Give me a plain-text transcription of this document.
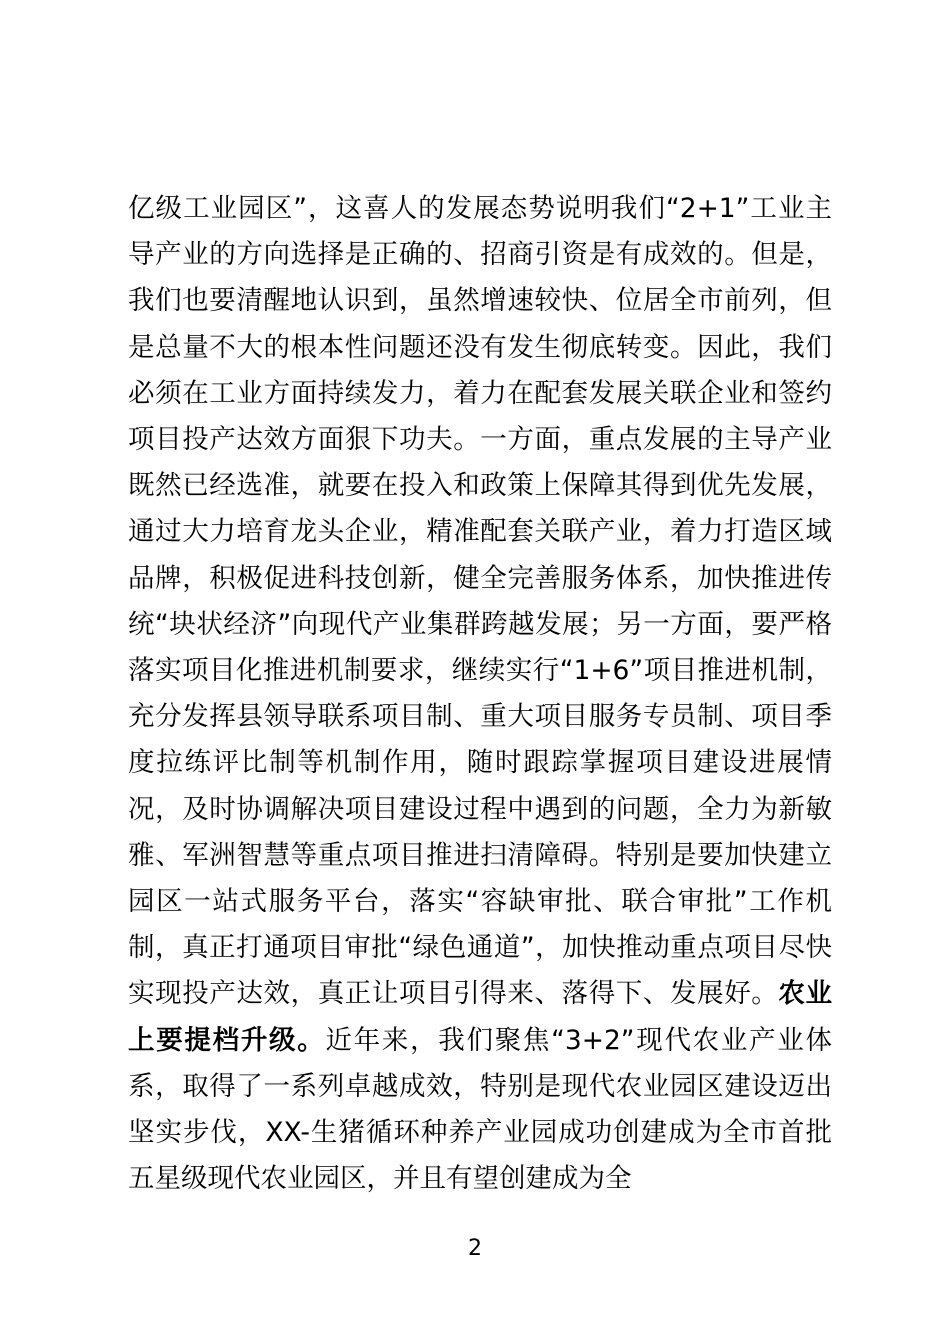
亿级工业园区”，这喜人的发展态势说明我们“2+1”工业主导产业的方向选择是正确的、招商引资是有成效的。但是，我们也要清醒地认识到，虽然增速较快、位居全市前列，但是总量不大的根本性问题还没有发生彻底转变。因此，我们必须在工业方面持续发力，着力在配套发展关联企业和签约项目投产达效方面狠下功夫。一方面，重点发展的主导产业既然已经选准，就要在投入和政策上保障其得到优先发展，通过大力培育龙头企业，精准配套关联产业，着力打造区域品牌，积极促进科技创新，健全完善服务体系，加快推进传统“块状经济”向现代产业集群跨越发展；另一方面，要严格落实项目化推进机制要求，继续实行“1+6”项目推进机制，充分发挥县领导联系项目制、重大项目服务专员制、项目季度拉练评比制等机制作用，随时跟踪掌握项目建设进展情况，及时协调解决项目建设过程中遇到的问题，全力为新敏雅、军洲智慧等重点项目推进扫清障碍。特别是要加快建立园区一站式服务平台，落实“容缺审批、联合审批”工作机制，真正打通项目审批“绿色通道”，加快推动重点项目尽快实现投产达效，真正让项目引得来、落得下、发展好。农业上要提档升级。近年来，我们聚焦“3+2”现代农业产业体系，取得了一系列卓越成效，特别是现代农业园区建设迈出坚实步伐，XX-生猪循环种养产业园成功创建成为全市首批五星级现代农业园区，并且有望创建成为全

2
